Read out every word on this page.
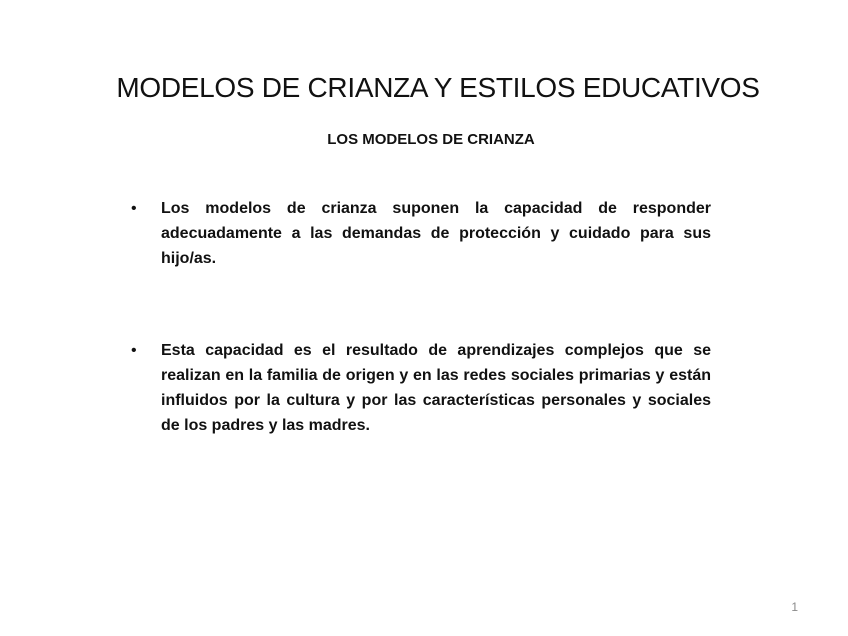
MODELOS DE CRIANZA Y ESTILOS EDUCATIVOS
LOS MODELOS DE CRIANZA
• Los modelos de crianza suponen la capacidad de responder adecuadamente a las demandas de protección y cuidado para sus hijo/as.
• Esta capacidad es el resultado de aprendizajes complejos que se realizan en la familia de origen y en las redes sociales primarias y están influidos por la cultura y por las características personales y sociales de los padres y las madres.
1
